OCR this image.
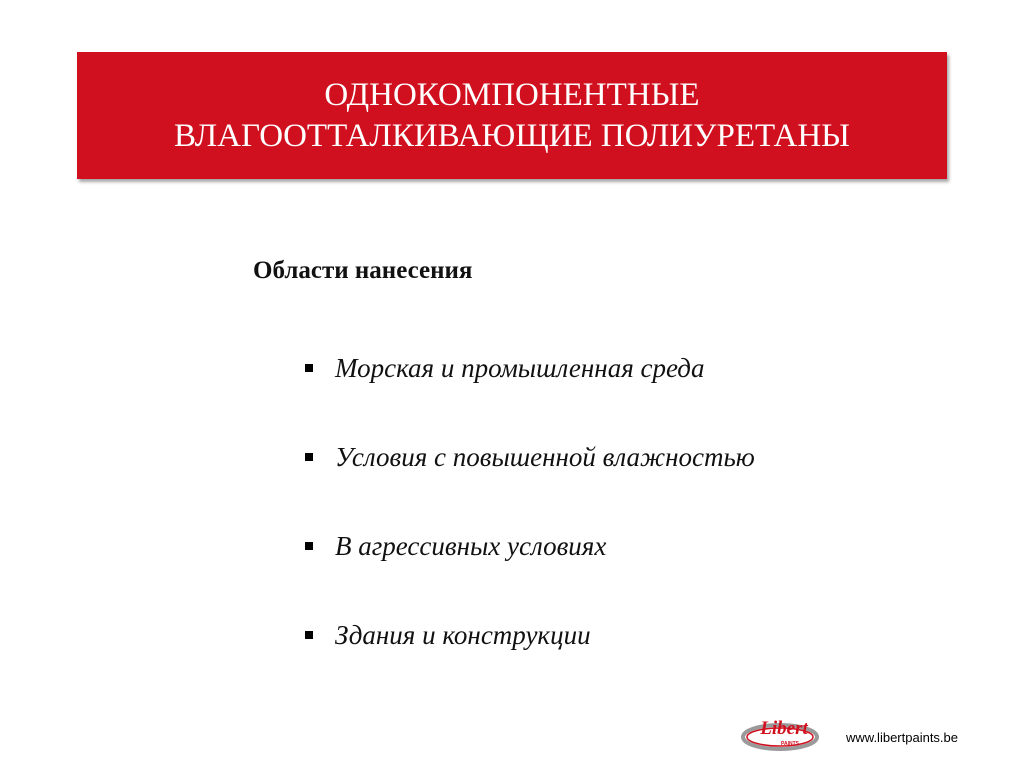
ОДНОКОМПОНЕНТНЫЕ
ВЛАГООТТАЛКИВАЮЩИЕ ПОЛИУРЕТАНЫ
Области нанесения
Морская и промышленная среда
Условия с повышенной влажностью
В агрессивных условиях
Здания и конструкции
Libert
PAINTS	www.libertpaints.be
